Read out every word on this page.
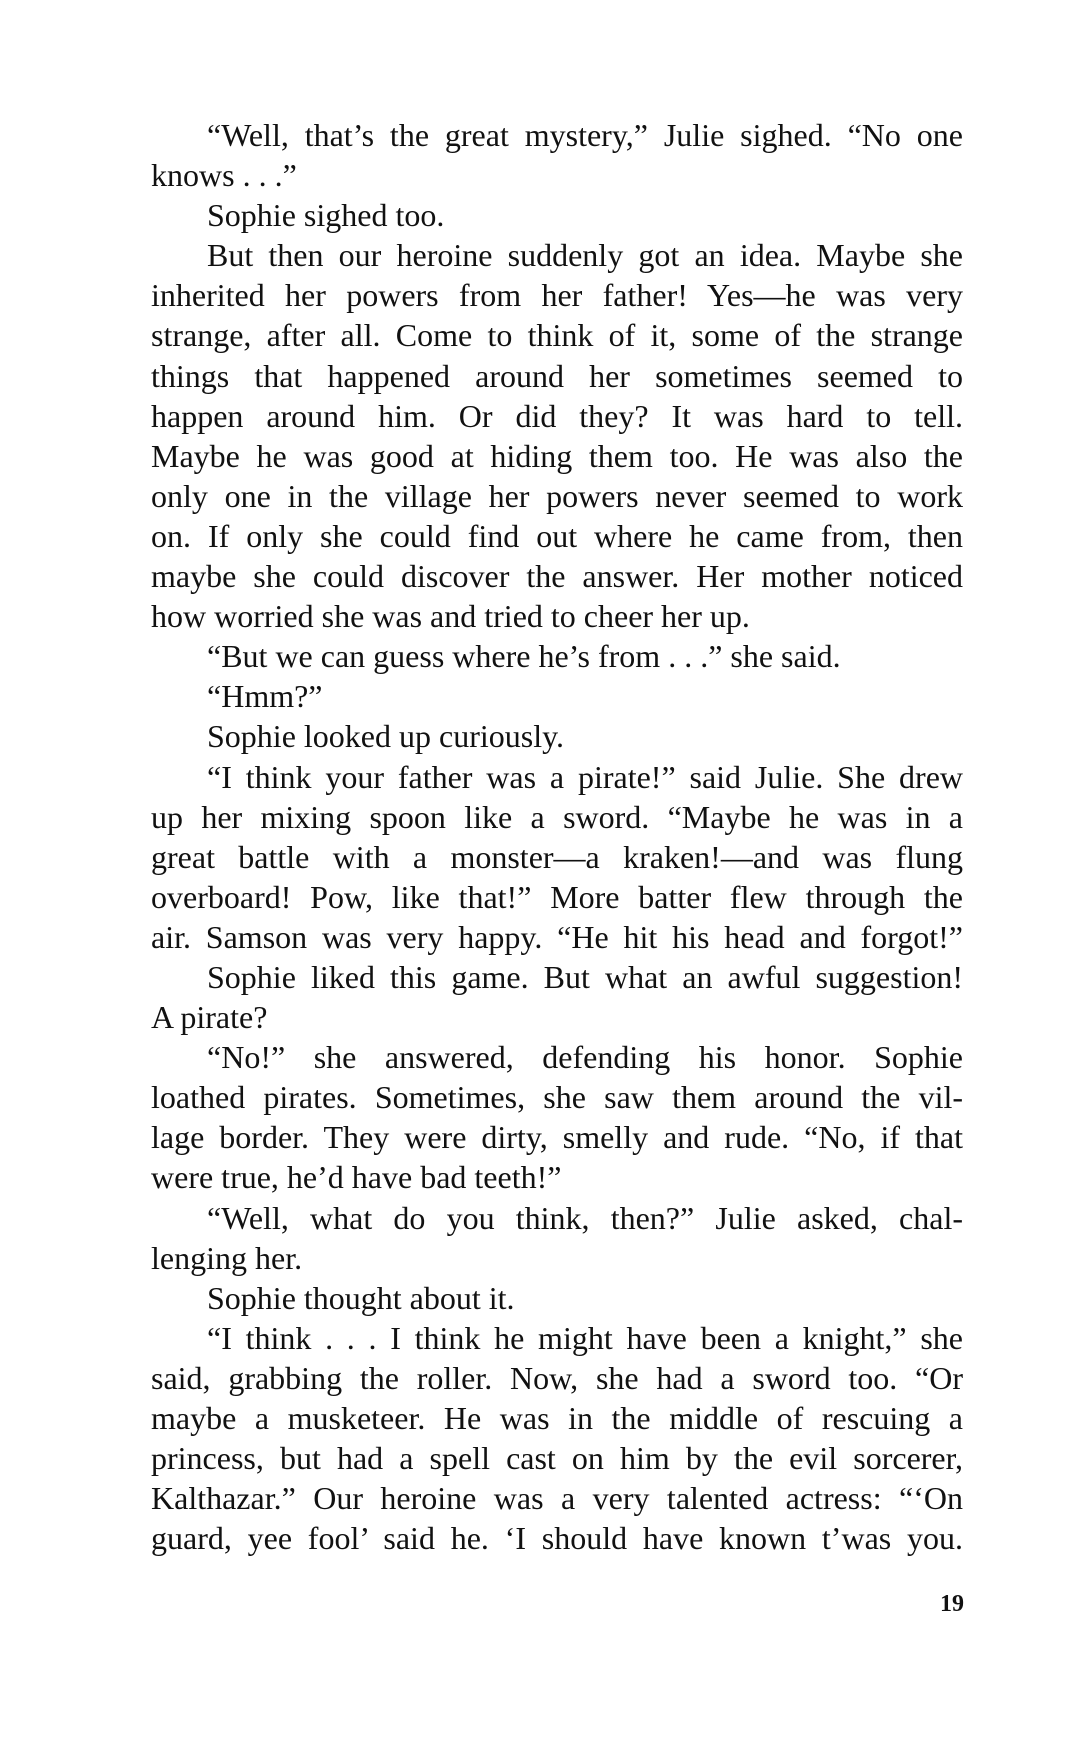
“Well, that’s the great mystery,” Julie sighed. “No one
knows . . .”
Sophie sighed too.
But then our heroine suddenly got an idea. Maybe she
inherited her powers from her father! Yes—he was very
strange, after all. Come to think of it, some of the strange
things that happened around her sometimes seemed to
happen around him. Or did they? It was hard to tell.
Maybe he was good at hiding them too. He was also the
only one in the village her powers never seemed to work
on. If only she could find out where he came from, then
maybe she could discover the answer. Her mother noticed
how worried she was and tried to cheer her up.
“But we can guess where he’s from . . .” she said.
“Hmm?”
Sophie looked up curiously.
“I think your father was a pirate!” said Julie. She drew
up her mixing spoon like a sword. “Maybe he was in a
great battle with a monster—a kraken!—and was flung
overboard! Pow, like that!” More batter flew through the
air. Samson was very happy. “He hit his head and forgot!”
Sophie liked this game. But what an awful suggestion!
A pirate?
“No!” she answered, defending his honor. Sophie
loathed pirates. Sometimes, she saw them around the vil-
lage border. They were dirty, smelly and rude. “No, if that
were true, he’d have bad teeth!”
“Well, what do you think, then?” Julie asked, chal-
lenging her.
Sophie thought about it.
“I think . . . I think he might have been a knight,” she
said, grabbing the roller. Now, she had a sword too. “Or
maybe a musketeer. He was in the middle of rescuing a
princess, but had a spell cast on him by the evil sorcerer,
Kalthazar.” Our heroine was a very talented actress: “‘On
guard, yee fool’ said he. ‘I should have known t’was you.
19
